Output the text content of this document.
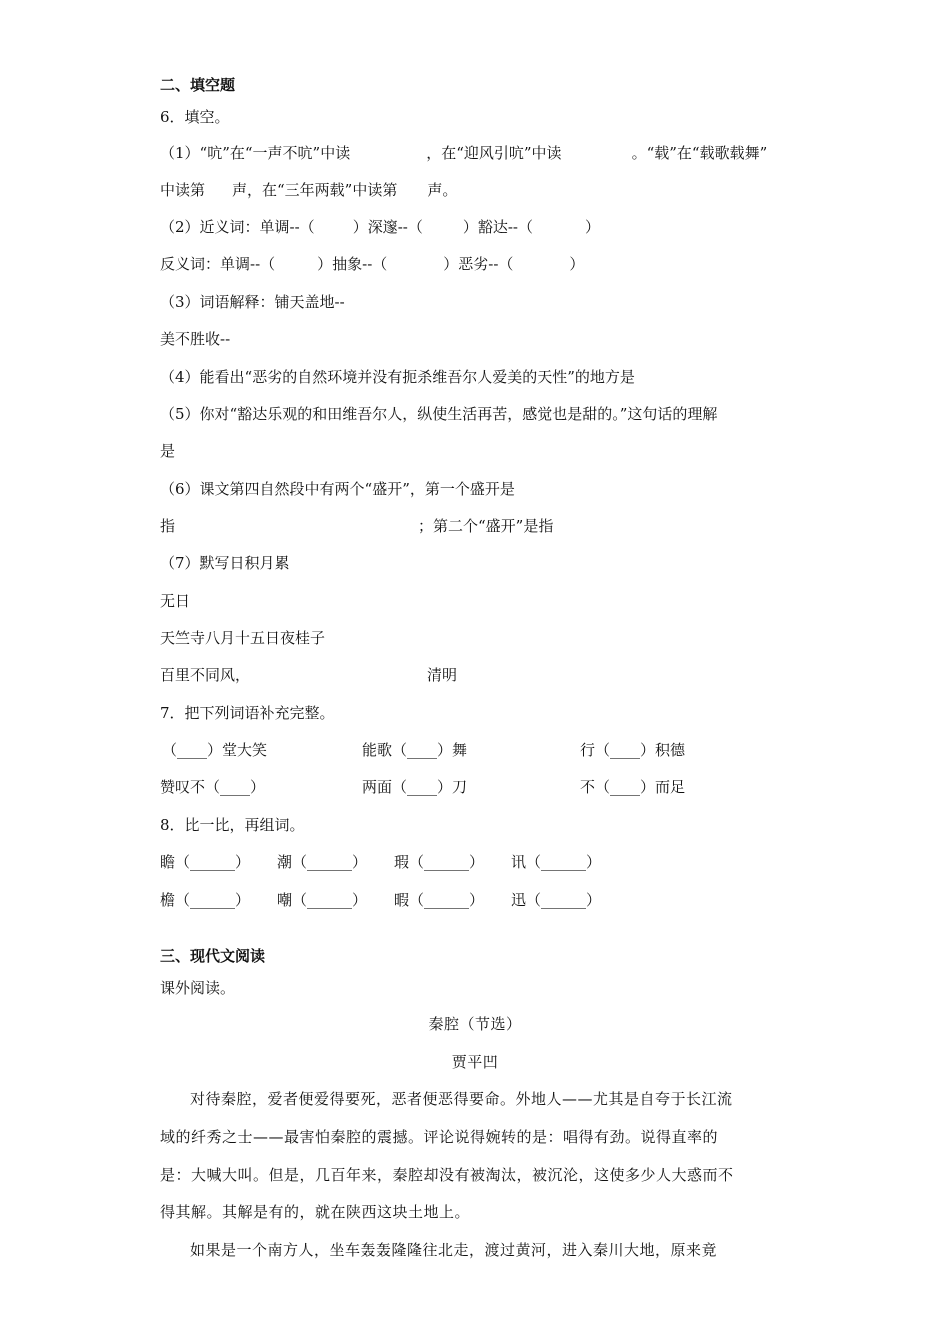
二、填空题
6．填空。
（1）“吭”在“一声不吭”中读	，在“迎风引吭”中读	。“载”在“载歌载舞”
中读第 声，在“三年两载”中读第 声。
（2）近义词：单调--（	）深邃--（	）豁达--（	）
反义词：单调--（	）抽象--（	）恶劣--（	）
（3）词语解释：铺天盖地--
美不胜收--
（4）能看出“恶劣的自然环境并没有扼杀维吾尔人爱美的天性”的地方是
（5）你对“豁达乐观的和田维吾尔人，纵使生活再苦，感觉也是甜的。”这句话的理解
是
（6）课文第四自然段中有两个“盛开”，第一个盛开是
指	；第二个“盛开”是指
（7）默写日积月累
无日
天竺寺八月十五日夜桂子
百里不同风，	清明
7．把下列词语补充完整。
（____）堂大笑	能歌（____）舞	行（____）积德
赞叹不（____）	两面（____）刀	不（____）而足
8．比一比，再组词。
瞻（______） 潮（______） 瑕（______） 讯（______）
檐（______） 嘲（______） 暇（______） 迅（______）
三、现代文阅读
课外阅读。
秦腔（节选）
贾平凹
对待秦腔，爱者便爱得要死，恶者便恶得要命。外地人——尤其是自夸于长江流
域的纤秀之士——最害怕秦腔的震撼。评论说得婉转的是：唱得有劲。说得直率的
是：大喊大叫。但是，几百年来，秦腔却没有被淘汰，被沉沦，这使多少人大惑而不
得其解。其解是有的，就在陕西这块土地上。
如果是一个南方人，坐车轰轰隆隆往北走，渡过黄河，进入秦川大地，原来竟
